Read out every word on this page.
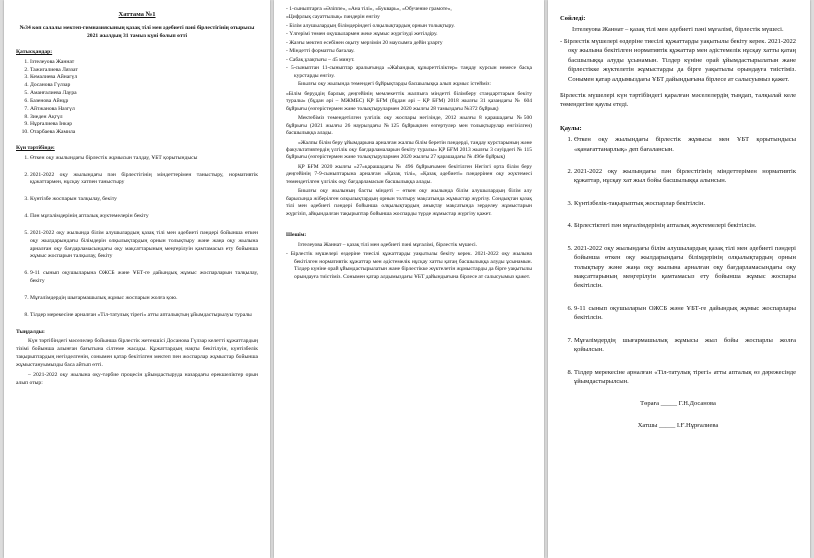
Хаттама №1
№34 көп салалы мектеп-гимназиясының қазақ тілі мен әдебиеті пәні бірлестігінің отырысы 2021 жылдың 31 тамыз күні болып өтті
Қатысқандар:
1. Ізтелеуова Жаннат
2. Тажигалиева Ляззат
3. Кемалиева Айнагүл
4. Досанова Гүлзар
5. Аманғалиева Лаура
6. Базенова Айнұр
7. Айтжанова Назгүл
8. Зиеден Ақгүл
9. Нұрғалиева Інкәр
10. Отарбаева Жамила
Күн тәртібінде:
1. Өткен оқу жылындағы бірлестік жұмысын талдау, ҰБТ қорытындысы
2. 2021-2022 оқу жылындағы пән бірлестігінің міндеттерімен таныстыру, нормативтік құжаттармен, нұсқау хатпен таныстыру
3. Күнтізбе жоспарын талқылау, бекіту
4. Пән мұғалімдерінің апталық жүктемелерін бекіту
5. 2021-2022 оқу жылында білім алушылардың қазақ тілі мен әдебиеті пәндері бойынша өткен оқу жылдарындағы білімдерін олқылықтардың орнын толықтыру және жаңа оқу жылына арналған оқу бағдарламасындағы оқу мақсаттарының меңгерілуін қамтамасыз ету бойынша жұмыс жоспарын талқылау, бекіту
6. 9-11 сынып оқушыларына ОЖСБ және ҰБТ-ге дайындық жұмыс жоспарларын талқылау, бекіту
7. Мұғалімдердің шығармашылық жұмыс жоспарын жолға қою.
8. Тілдер мерекесіне арналған «Тіл-татулық тірегі» атты апталықтың ұйымдастырылуы туралы
Тыңдалды:

Күн тәртібіндегі мәселелер бойынша бірлестік жетекшісі Досанова Гүлзар келетті құжаттардың тізімі бойынша алынған бағытына сілтеме жасады. Құжаттардың нақты бекітілуін, күнтізбелік тақырыптардың негізделгенін, сонымен қатар бекітілген мектеп пен жоспарлар жұмыстар бойынша жұмыстануымызды баса айтып өтті.

– 2021-2022 оқу жылына оқу-тәрбие процесін ұйымдастыруда назардағы ерекшеліктер орын алып отыр:

- 1-сыныптарға «Әліппе», «Ана тілі», «Букварь», «Обучение грамоте»,
«Цифрлық сауаттылық» пәндерін енгізу
- Білім алушылардың білімдеріндегі олқылықтардың орнын толықтыру.
- Үлгерімі төмен оқушылармен жеке жұмыс жүргізуді жетілдіру.
- Жазғы мектеп есебінен оқыту мерзімін 20 маусымға дейін ұзарту
- Міндетті форматты бағалау.
- Сабақ ұзақтығы – 45 минут.
- 5-сыныптан 11-сыныптар аралығында «Жаһандық құзыреттіліктер» таңдау курсын немесе басқа курстарды енгізу.

Биылғы оқу жылында төмендегі бұйрықтарды басшылыққа алып жұмыс істейміз:

«Білім беруддің барлық деңгейінің мемлекеттік жалпыға міндетті білімберу стандарттарын бекіту туралы» (бұдан әрі – МЖМБС) ҚР БҒМ (бұдан әрі – ҚР БҒМ) 2018 жылғы 31 қазандағы № 604 бұйрығы (өзгерістермен және толықтырулармен 2020 жылғы 28 тамыздағы №372 бұйрық)

Мектебіміз төмендетілген үлгілік оқу жоспары негізінде, 2012 жылғы 8 қарашадағы №500 бұйрығы (2021 жылғы 26 наурыздағы №125 бұйрықпен өзгертулер мен толықтырулар енгізілген) басшылыққа алады.

«Жалпы білім беру ұйымдарына арналған жалпы білім беретін пәндерді, таңдау курстарының және факультативтердің үлгілік оқу бағдарламаларын бекіту туралы» ҚР БҒМ 2013 жылғы 3 сәуірдегі № 115 бұйрығы (өзгерістермен және толықтырулармен 2020 жылғы 27 қарашадағы № 496е бұйрық)

ҚР БҒМ 2020 жылғы «27»қарашадағы № 496 бұйрығымен бекітілген Негізгі орта білім беру деңгейінің 7-9-сыныптарына арналған «Қазақ тілі», «Қазақ әдебиеті» пәндерінен оқу жүктемесі төмендетілген үлгілік оқу бағдарламасын басшылыққа алады.

Биылғы оқу жылының басты міндеті – өткен оқу жылында білім алушылардың білім алу барысында жіберілген олқылықтардың орнын толтыру мақсатында жұмыстар жүргізу. Сондықтан қазақ тілі мен әдебиеті пәндері бойынша олқылықтардың анықтау мақсатында зерделеу жұмыстарын жүргізіп, айқындалған тақырыптар бойынша жоспарды түрде жұмыстар жүргізу қажет.

Шешім:

Ізтелеуова Жаннат – қазақ тілі мен әдебиеті пәні мұғалімі, бірлестік мүшесі.

- Бірлестік мүшелері өздеріне тиесілі құжаттарды уақытылы бекіту керек. 2021-2022 оқу жылына бекітілген нормативтік құжаттар мен әдістемелік нұсқау хатты қатаң басшылыққа алуды ұсынамын. Тілдер күніне орай ұйымдастырылатын жане бірлестікке жүктелетін жұмыстарды да бірге уақытылы орындауға тиістіміз. Сонымен қатар алдымыздағы ҰБТ дайындығына бірлесе ат салысуымыз қажет.
Сөйледі:

Ізтелеуова Жаннат – қазақ тілі мен әдебиеті пәні мұғалімі, бірлестік мүшесі.

- Бірлестік мүшелері өздеріне тиесілі құжаттарды уақытылы бекіту керек. 2021-2022 оқу жылына бекітілген нормативтік құжаттар мен әдістемелік нұсқау хатты қатаң басшылыққа алуды ұсынамын. Тілдер күніне орай ұйымдастырылатын жане бірлестікке жүктелетін жұмыстарды да бірге уақытылы орындауға тиістіміз. Сонымен қатар алдымыздағы ҰБТ дайындығына бірлесе ат салысуымыз қажет.

Бірлестік мүшелері күн тәртібіндегі қаралған мәселелердің тыңдап, талқылай келе төмендегіне қаулы етеді.

Қаулы:
1. Өткен оқу жылындағы бірлестік жұмысы мен ҰБТ қорытындысы «қанағаттанарлық» деп бағалансын.
2. 2021-2022 оқу жылындағы пән бірлестігінің міндеттерімен нормативтік құжаттар, нұсқау хат жыл бойы басшылыққа алынсын.
3. Күнтізбелік-тақырыптық жоспарлар бекітілсін.
4. Бірлестіктегі пән мұғалімдерінің апталық жүктемелері бекітілсін.
5. 2021-2022 оқу жылындағы білім алушылардың қазақ тілі мен әдебиеті пәндері бойынша өткен оқу жылдарындағы білімдерінің олқылықтардың орнын толықтыру және жаңа оқу жылына арналған оқу бағдарламасындағы оқу мақсаттарының меңгерілуін қамтамасыз ету бойынша жұмыс жоспары бекітілсін.
6. 9-11 сынып оқушыларын ОЖСБ және ҰБТ-ге дайындық жұмыс жоспарлары бекітілсін.
7. Мұғалімдердің шығармашылық жұмысы жыл бойы жоспарлы жолға қойылсын.
8. Тілдер мерекесіне арналған «Тіл-татулық тірегі» атты апталық өз дәрежесінде ұйымдастырылсын.

Төраға _____ Г.Н.Досанова

Хатшы _____ І.Ғ.Нұрғалиева
